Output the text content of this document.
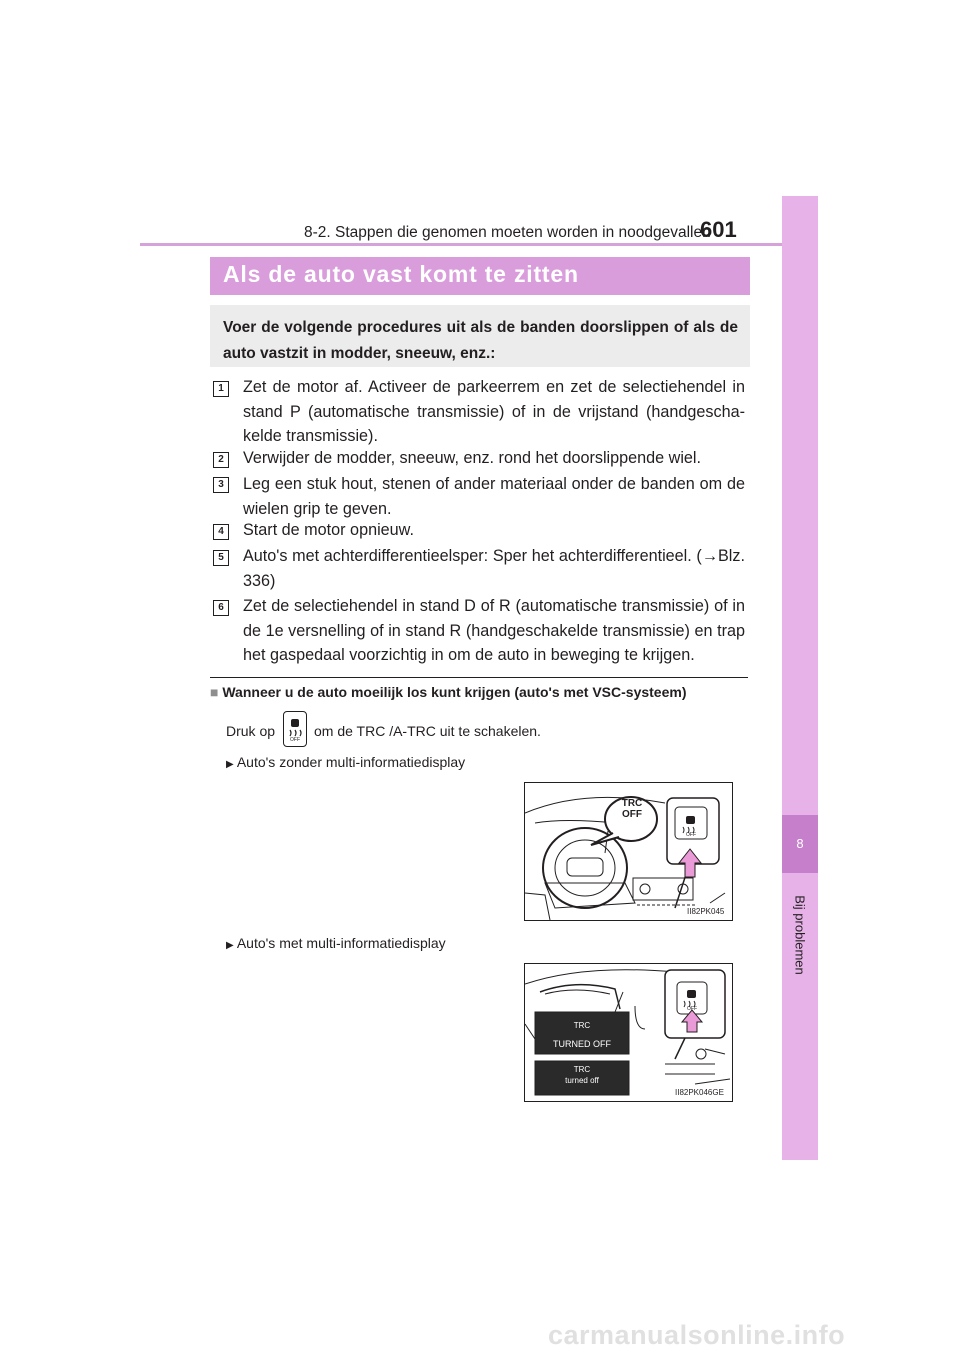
8-2. Stappen die genomen moeten worden in noodgevallen
601
8
Bij problemen
Als de auto vast komt te zitten
Voer de volgende procedures uit als de banden doorslippen of als de auto vastzit in modder, sneeuw, enz.:
1	Zet de motor af. Activeer de parkeerrem en zet de selectiehendel in stand P (automatische transmissie) of in de vrijstand (handgescha-kelde transmissie).
2	Verwijder de modder, sneeuw, enz. rond het doorslippende wiel.
3	Leg een stuk hout, stenen of ander materiaal onder de banden om de wielen grip te geven.
4	Start de motor opnieuw.
5	Auto's met achterdifferentieelsper: Sper het achterdifferentieel. (→Blz. 336)
6	Zet de selectiehendel in stand D of R (automatische transmissie) of in de 1e versnelling of in stand R (handgeschakelde transmissie) en trap het gaspedaal voorzichtig in om de auto in beweging te krijgen.
■ Wanneer u de auto moeilijk los kunt krijgen (auto's met VSC-systeem)
Druk op
OFF
om de TRC /A-TRC uit te schakelen.
▶ Auto's zonder multi-informatiedisplay
TRC
OFF
OFF
II82PK045
▶ Auto's met multi-informatiedisplay
TRC
TURNED OFF
TRC
turned off
OFF
II82PK046GE
carmanualsonline.info
